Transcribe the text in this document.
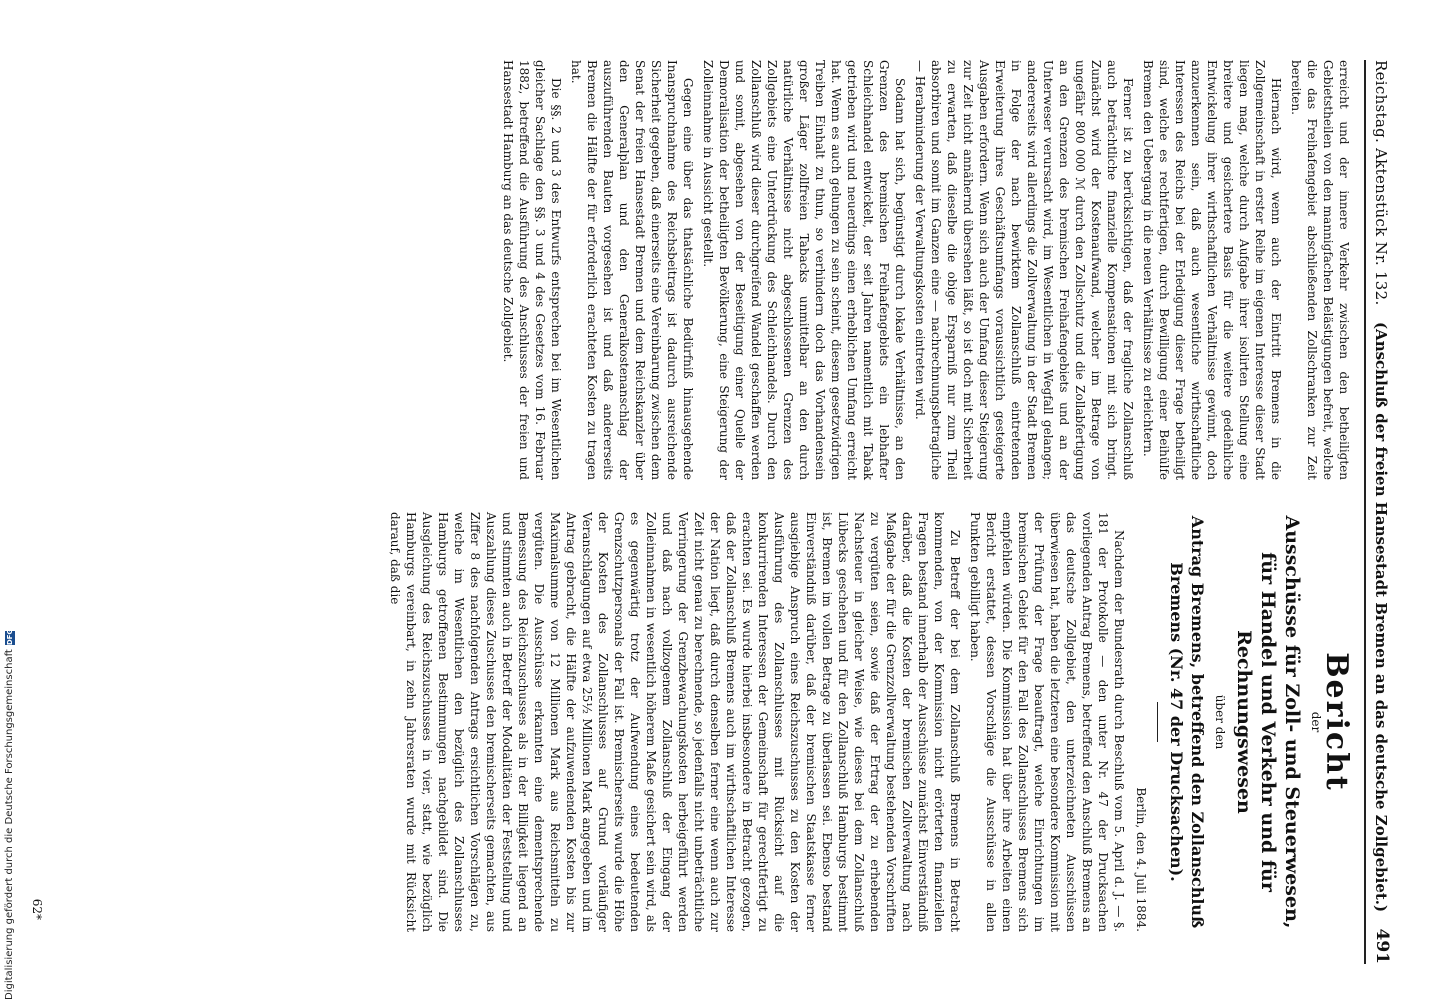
Reichstag. Aktenstück Nr. 132.
(Anschluß der freien Hansestadt Bremen an das deutsche Zollgebiet.)
491

erreicht und der innere Verkehr zwischen den betheiligten Gebietstheilen von den mannigfachen Belästigungen befreit, welche die das Freihafengebiet abschließenden Zollschranken zur Zeit bereiten.

Hiernach wird, wenn auch der Eintritt Bremens in die Zollgemeinschaft in erster Reihe im eigenen Interesse dieser Stadt liegen mag, welche durch Aufgabe ihrer isolirten Stellung eine breitere und gesichertere Basis für die weitere gedeihliche Entwickelung ihrer wirthschaftlichen Verhältnisse gewinnt, doch anzuerkennen sein, daß auch wesentliche wirthschaftliche Interessen des Reichs bei der Erledigung dieser Frage betheiligt sind, welche es rechtfertigen, durch Bewilligung einer Beihülfe Bremen den Uebergang in die neuen Verhältnisse zu erleichtern.

Ferner ist zu berücksichtigen, daß der fragliche Zollanschluß auch beträchtliche finanzielle Kompensationen mit sich bringt. Zunächst wird der Kostenaufwand, welcher im Betrage von ungefähr 800 000 ℳ durch den Zollschutz und die Zollabfertigung an den Grenzen des bremischen Freihafengebiets und an der Unterweser verursacht wird, im Wesentlichen in Wegfall gelangen; andererseits wird allerdings die Zollverwaltung in der Stadt Bremen in Folge der nach bewirktem Zollanschluß eintretenden Erweiterung ihres Geschäftsumfangs voraussichtlich gesteigerte Ausgaben erfordern. Wenn sich auch der Umfang dieser Steigerung zur Zeit nicht annähernd übersehen läßt, so ist doch mit Sicherheit zu erwarten, daß dieselbe die obige Ersparniß nur zum Theil absorbiren und somit im Ganzen eine — nachrechnungsbetragliche — Herabminderung der Verwaltungskosten eintreten wird.

Sodann hat sich, begünstigt durch lokale Verhältnisse, an den Grenzen des bremischen Freihafengebiets ein lebhafter Schleichhandel entwickelt, der seit Jahren namentlich mit Tabak getrieben wird und neuerdings einen erheblichen Umfang erreicht hat. Wenn es auch gelungen zu sein scheint, diesem gesetzwidrigen Treiben Einhalt zu thun, so verhindern doch das Vorhandensein großer Läger zollfreien Tabacks unmittelbar an den durch natürliche Verhältnisse nicht abgeschlossenen Grenzen des Zollgebiets eine Unterdrückung des Schleichhandels. Durch den Zollanschluß wird dieser durchgreifend Wandel geschaffen werden und somit, abgesehen von der Beseitigung einer Quelle der Demoralisation der betheiligten Bevölkerung, eine Steigerung der Zolleinnahme in Aussicht gestellt.

Gegen eine über das thatsächliche Bedürfniß hinausgehende Inanspruchnahme des Reichsbeitrags ist dadurch ausreichende Sicherheit gegeben, daß einerseits eine Vereinbarung zwischen dem Senat der freien Hansestadt Bremen und dem Reichskanzler über den Generalplan und den Generalkostenanschlag der auszuführenden Bauten vorgesehen ist und daß andererseits Bremen die Hälfte der für erforderlich erachteten Kosten zu tragen hat.

Die §§. 2 und 3 des Entwurfs entsprechen bei im Wesentlichen gleicher Sachlage den §§. 3 und 4 des Gesetzes vom 16. Februar 1882, betreffend die Ausführung des Anschlusses der freien und Hansestadt Hamburg an das deutsche Zollgebiet.

Bericht
der
Ausschüsse für Zoll- und Steuerwesen, für Handel und Verkehr und für Rechnungswesen
über den
Antrag Bremens, betreffend den Zollanschluß Bremens (Nr. 47 der Drucksachen).
Berlin, den 4. Juli 1884.

Nachdem der Bundesrath durch Beschluß vom 5. April d. J. — §. 181 der Protokolle — den unter Nr. 47 der Drucksachen vorliegenden Antrag Bremens, betreffend den Anschluß Bremens an das deutsche Zollgebiet, den unterzeichneten Ausschüssen überwiesen hat, haben die letzteren eine besondere Kommission mit der Prüfung der Frage beauftragt, welche Einrichtungen im bremischen Gebiet für den Fall des Zollanschlusses Bremens sich empfehlen würden. Die Kommission hat über ihre Arbeiten einen Bericht erstattet, dessen Vorschläge die Ausschüsse in allen Punkten gebilligt haben.

Zu Betreff der bei dem Zollanschluß Bremens in Betracht kommenden, von der Kommission nicht erörterten finanziellen Fragen bestand innerhalb der Ausschüsse zunächst Einverständniß darüber, daß die Kosten der bremischen Zollverwaltung nach Maßgabe der für die Grenzzollverwaltung bestehenden Vorschriften zu vergüten seien, sowie daß der Ertrag der zu erhebenden Nachsteuer in gleicher Weise, wie dieses bei dem Zollanschluß Lübecks geschehen und für den Zollanschluß Hamburgs bestimmt ist, Bremen im vollen Betrage zu überlassen sei. Ebenso bestand Einverständniß darüber, daß der bremischen Staatskasse ferner ausgiebige Anspruch eines Reichszuschusses zu den Kosten der Ausführung des Zollanschlusses mit Rücksicht auf die konkurrirenden Interessen der Gemeinschaft für gerechtfertigt zu erachten sei. Es wurde hierbei insbesondere in Betracht gezogen, daß der Zollanschluß Bremens auch im wirthschaftlichen Interesse der Nation liegt, daß durch denselben ferner eine wenn auch zur Zeit nicht genau zu berechnende, so jedenfalls nicht unbeträchtliche Verringerung der Grenzbewachungskosten herbeigeführt werden und daß nach vollzogenem Zollanschluß der Eingang der Zolleinnahmen in wesentlich höherem Maße gesichert sein wird, als es gegenwärtig trotz der Aufwendung eines bedeutenden Grenzschutzpersonals der Fall ist. Bremischerseits wurde die Höhe der Kosten des Zollanschlusses auf Grund vorläufiger Veranschlagungen auf etwa 25½ Millionen Mark angegeben und im Antrag gebracht, die Hälfte der aufzuwendenden Kosten bis zur Maximalsumme von 12 Millionen Mark aus Reichsmitteln zu vergüten. Die Ausschüsse erkannten eine dementsprechende Bemessung des Reichszuschusses als in der Billigkeit liegend an und stimmten auch in Betreff der Modalitäten der Feststellung und Auszahlung dieses Zuschusses den bremischerseits gemachten, aus Ziffer 8 des nachfolgenden Antrags ersichtlichen Vorschlägen zu, welche im Wesentlichen den bezüglich des Zollanschlusses Hamburgs getroffenen Bestimmungen nachgebildet sind. Die Ausgleichung des Reichszuschusses in vier, statt, wie bezüglich Hamburgs vereinbart, in zehn Jahresraten wurde mit Rücksicht darauf, daß die

62*
Digitalisierung gefördert durch die Deutsche Forschungsgemeinschaft
DFG
